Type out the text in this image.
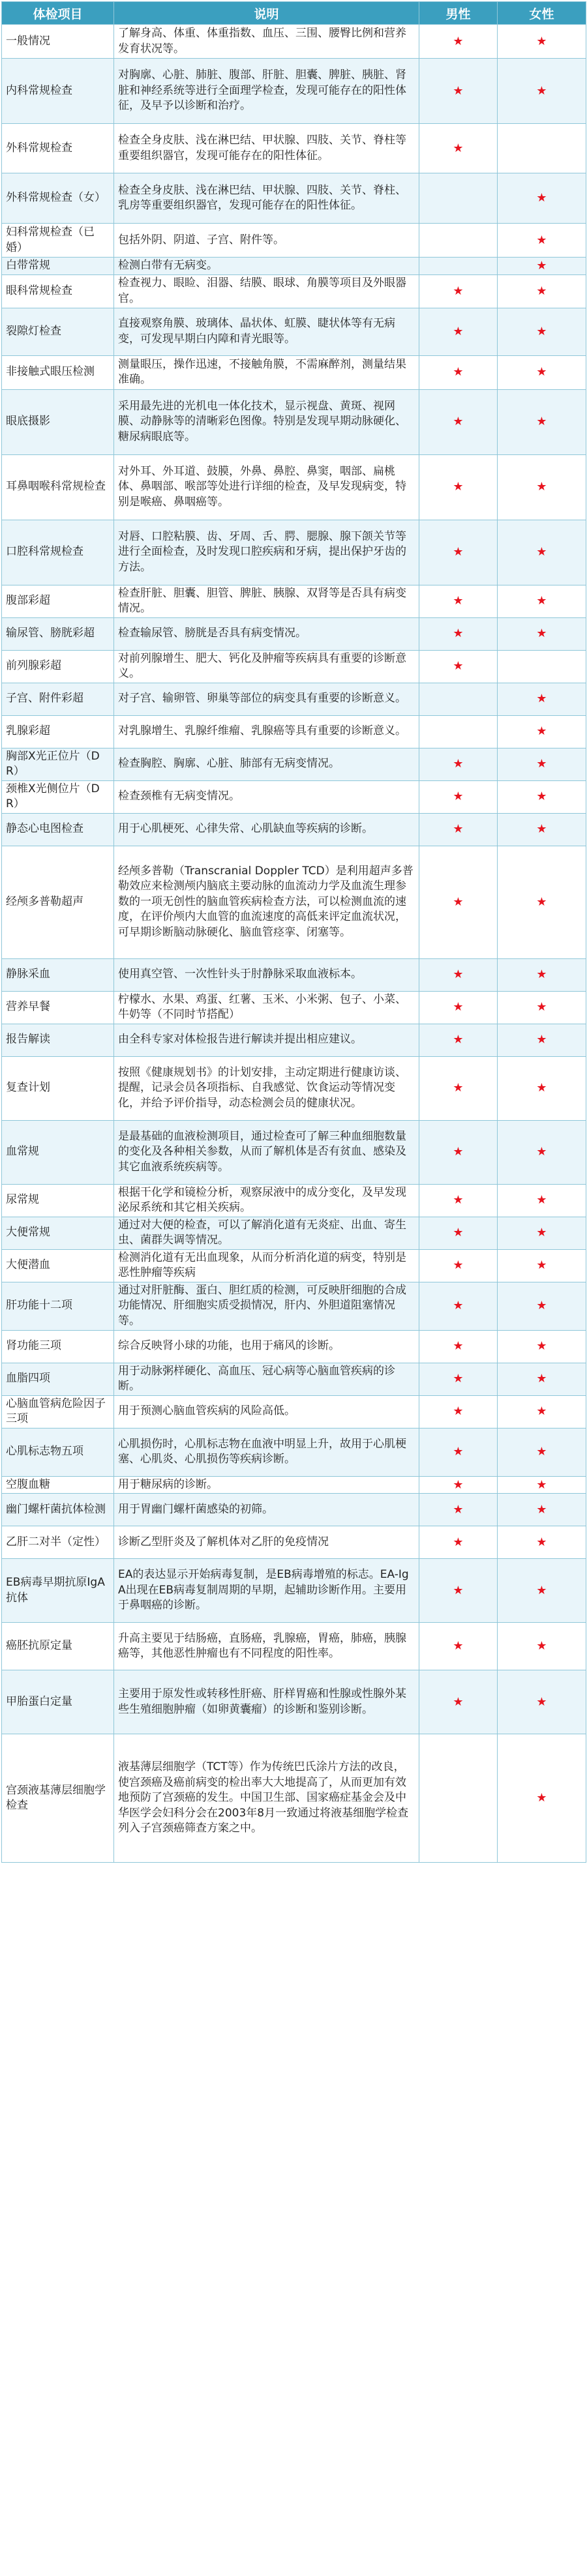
体检项目	说明	男性	女性
一般情况	了解身高、体重、体重指数、血压、三围、腰臀比例和营养发育状况等。	★	★
内科常规检查	对胸廓、心脏、肺脏、腹部、肝脏、胆囊、脾脏、胰脏、肾脏和神经系统等进行全面理学检查，发现可能存在的阳性体征，及早予以诊断和治疗。	★	★
外科常规检查	检查全身皮肤、浅在淋巴结、甲状腺、四肢、关节、脊柱等重要组织器官，发现可能存在的阳性体征。	★	
外科常规检查（女）	检查全身皮肤、浅在淋巴结、甲状腺、四肢、关节、脊柱、乳房等重要组织器官，发现可能存在的阳性体征。		★
妇科常规检查（已婚）	包括外阴、阴道、子宫、附件等。		★
白带常规	检测白带有无病变。		★
眼科常规检查	检查视力、眼睑、泪器、结膜、眼球、角膜等项目及外眼器官。	★	★
裂隙灯检查	直接观察角膜、玻璃体、晶状体、虹膜、睫状体等有无病变，可发现早期白内障和青光眼等。	★	★
非接触式眼压检测	测量眼压，操作迅速，不接触角膜，不需麻醉剂，测量结果准确。	★	★
眼底摄影	采用最先进的光机电一体化技术，显示视盘、黄斑、视网膜、动静脉等的清晰彩色图像。特别是发现早期动脉硬化、糖尿病眼底等。	★	★
耳鼻咽喉科常规检查	对外耳、外耳道、鼓膜，外鼻、鼻腔、鼻窦，咽部、扁桃体、鼻咽部、喉部等处进行详细的检查，及早发现病变，特别是喉癌、鼻咽癌等。	★	★
口腔科常规检查	对唇、口腔粘膜、齿、牙周、舌、腭、腮腺、腺下颌关节等进行全面检查，及时发现口腔疾病和牙病，提出保护牙齿的方法。	★	★
腹部彩超	检查肝脏、胆囊、胆管、脾脏、胰腺、双肾等是否具有病变情况。	★	★
输尿管、膀胱彩超	检查输尿管、膀胱是否具有病变情况。	★	★
前列腺彩超	对前列腺增生、肥大、钙化及肿瘤等疾病具有重要的诊断意义。	★	
子宫、附件彩超	对子宫、输卵管、卵巢等部位的病变具有重要的诊断意义。		★
乳腺彩超	对乳腺增生、乳腺纤维瘤、乳腺癌等具有重要的诊断意义。		★
胸部X光正位片（DR）	检查胸腔、胸廓、心脏、肺部有无病变情况。	★	★
颈椎X光侧位片（DR）	检查颈椎有无病变情况。	★	★
静态心电图检查	用于心肌梗死、心律失常、心肌缺血等疾病的诊断。	★	★
经颅多普勒超声	经颅多普勒（Transcranial Doppler TCD）是利用超声多普勒效应来检测颅内脑底主要动脉的血流动力学及血流生理参数的一项无创性的脑血管疾病检查方法，可以检测血流的速度，在评价颅内大血管的血流速度的高低来评定血流状况，可早期诊断脑动脉硬化、脑血管痉挛、闭塞等。	★	★
静脉采血	使用真空管、一次性针头于肘静脉采取血液标本。	★	★
营养早餐	柠檬水、水果、鸡蛋、红薯、玉米、小米粥、包子、小菜、牛奶等（不同时节搭配）	★	★
报告解读	由全科专家对体检报告进行解读并提出相应建议。	★	★
复查计划	按照《健康规划书》的计划安排，主动定期进行健康访谈、提醒，记录会员各项指标、自我感觉、饮食运动等情况变化，并给予评价指导，动态检测会员的健康状况。	★	★
血常规	是最基础的血液检测项目，通过检查可了解三种血细胞数量的变化及各种相关参数，从而了解机体是否有贫血、感染及其它血液系统疾病等。	★	★
尿常规	根据干化学和镜检分析，观察尿液中的成分变化，及早发现泌尿系统和其它相关疾病。	★	★
大便常规	通过对大便的检查，可以了解消化道有无炎症、出血、寄生虫、菌群失调等情况。	★	★
大便潜血	检测消化道有无出血现象，从而分析消化道的病变，特别是恶性肿瘤等疾病	★	★
肝功能十二项	通过对肝脏酶、蛋白、胆红质的检测，可反映肝细胞的合成功能情况、肝细胞实质受损情况，肝内、外胆道阻塞情况等。	★	★
肾功能三项	综合反映肾小球的功能，也用于痛风的诊断。	★	★
血脂四项	用于动脉粥样硬化、高血压、冠心病等心脑血管疾病的诊断。	★	★
心脑血管病危险因子三项	用于预测心脑血管疾病的风险高低。	★	★
心肌标志物五项	心肌损伤时，心肌标志物在血液中明显上升，故用于心肌梗塞、心肌炎、心肌损伤等疾病诊断。	★	★
空腹血糖	用于糖尿病的诊断。	★	★
幽门螺杆菌抗体检测	用于胃幽门螺杆菌感染的初筛。	★	★
乙肝二对半（定性）	诊断乙型肝炎及了解机体对乙肝的免疫情况	★	★
EB病毒早期抗原IgA抗体	EA的表达显示开始病毒复制，是EB病毒增殖的标志。EA-IgA出现在EB病毒复制周期的早期，起辅助诊断作用。主要用于鼻咽癌的诊断。	★	★
癌胚抗原定量	升高主要见于结肠癌，直肠癌，乳腺癌，胃癌，肺癌，胰腺癌等，其他恶性肿瘤也有不同程度的阳性率。	★	★
甲胎蛋白定量	主要用于原发性或转移性肝癌、肝样胃癌和性腺或性腺外某些生殖细胞肿瘤（如卵黄囊瘤）的诊断和鉴别诊断。	★	★
宫颈液基薄层细胞学检查	液基薄层细胞学（TCT等）作为传统巴氏涂片方法的改良，使宫颈癌及癌前病变的检出率大大地提高了，从而更加有效地预防了宫颈癌的发生。中国卫生部、国家癌症基金会及中华医学会妇科分会在2003年8月一致通过将液基细胞学检查列入子宫颈癌筛查方案之中。		★
